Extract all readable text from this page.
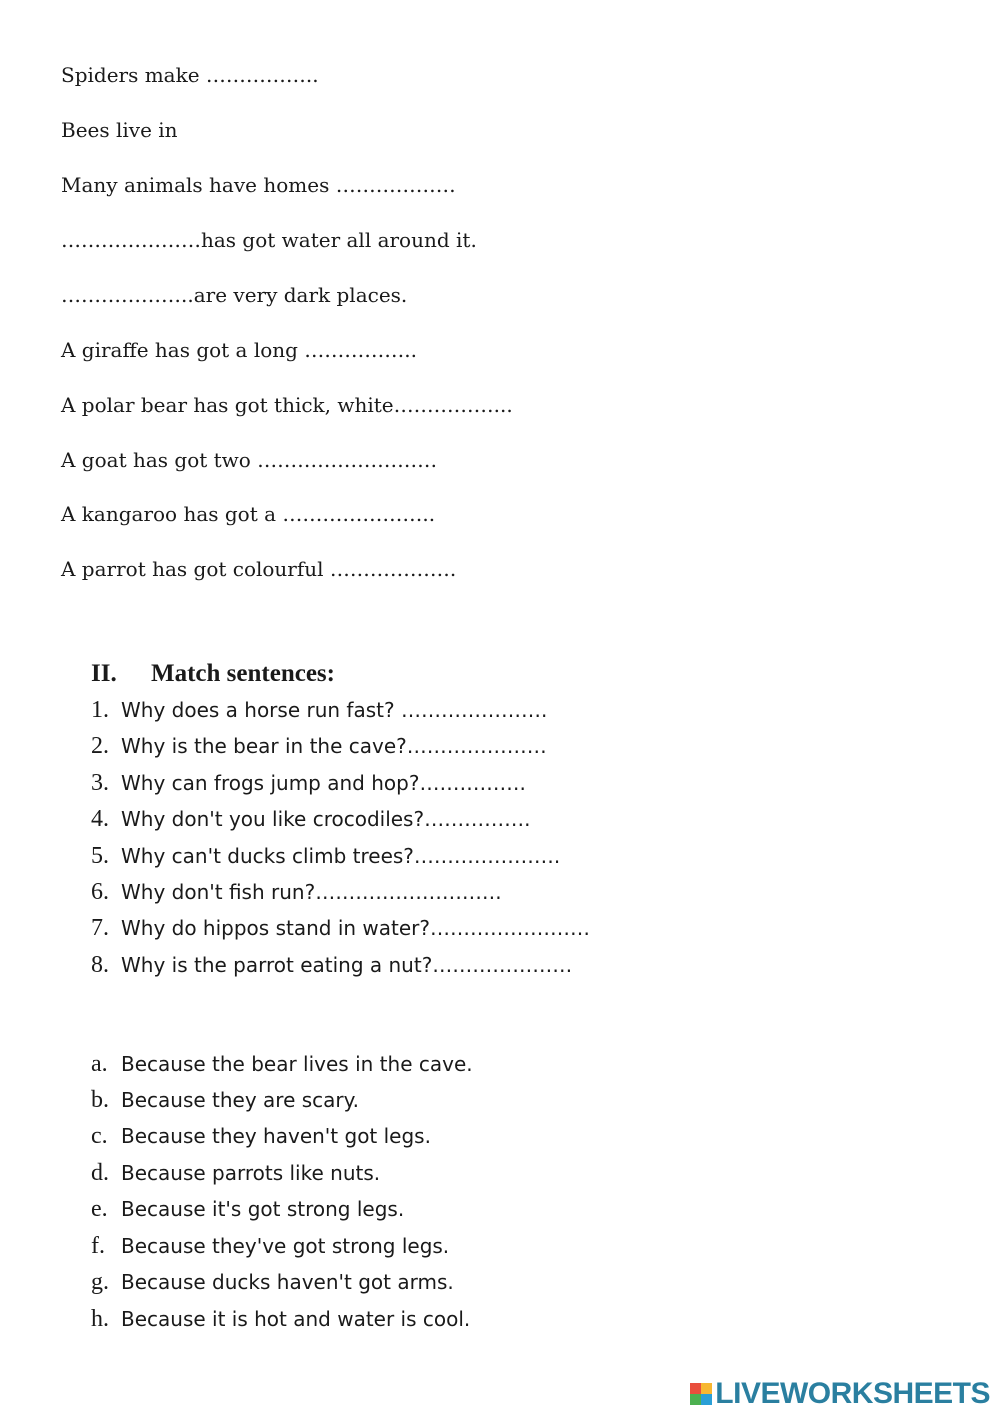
Spiders make ……………..
Bees live in
Many animals have homes ………………
…………………has got water all around it.
………………..are very dark places.
A giraffe has got a long ……………..
A polar bear has got thick, white……………...
A goat has got two ………………………
A kangaroo has got a …………………..
A parrot has got colourful ……………….
II. Match sentences:
1. Why does a horse run fast? ………………….
2. Why is the bear in the cave?…………………
3. Why can frogs jump and hop?…………….
4. Why don't you like crocodiles?…………….
5. Why can't ducks climb trees?………………….
6. Why don't fish run?……………………….
7. Why do hippos stand in water?……………………
8. Why is the parrot eating a nut?…………………
a. Because the bear lives in the cave.
b. Because they are scary.
c. Because they haven't got legs.
d. Because parrots like nuts.
e. Because it's got strong legs.
f. Because they've got strong legs.
g. Because ducks haven't got arms.
h. Because it is hot and water is cool.
LIVEWORKSHEETS
